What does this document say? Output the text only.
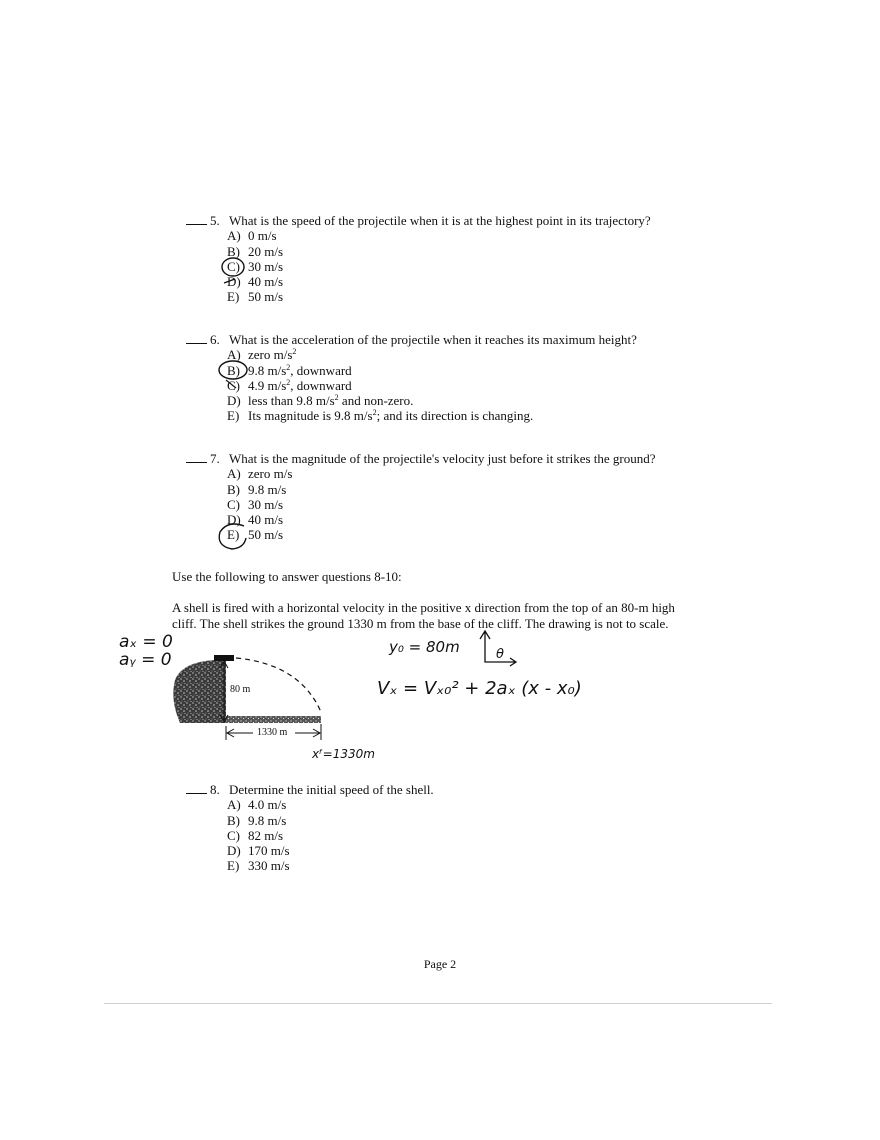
5. What is the speed of the projectile when it is at the highest point in its trajectory?
A) 0 m/s
B) 20 m/s
C) 30 m/s
D) 40 m/s
E) 50 m/s
6. What is the acceleration of the projectile when it reaches its maximum height?
A) zero $m/s^2$
B) 9.8 $m/s^2$, downward
C) 4.9 $m/s^2$, downward
D) less than 9.8 $m/s^2$ and non-zero.
E) Its magnitude is 9.8 $m/s^2$; and its direction is changing.
7. What is the magnitude of the projectile's velocity just before it strikes the ground?
A) zero m/s
B) 9.8 m/s
C) 30 m/s
D) 40 m/s
E) 50 m/s
Use the following to answer questions 8-10:
A shell is fired with a horizontal velocity in the positive x direction from the top of an 80-m high cliff. The shell strikes the ground 1330 m from the base of the cliff. The drawing is not to scale.
80 m
1330 m
aₓ = 0
aᵧ = 0
y₀ = 80m	θ
Vₓ = Vₓ₀² + 2aₓ (x - x₀)
xᶠ=1330m
8. Determine the initial speed of the shell.
A) 4.0 m/s
B) 9.8 m/s
C) 82 m/s
D) 170 m/s
E) 330 m/s
Page 2
